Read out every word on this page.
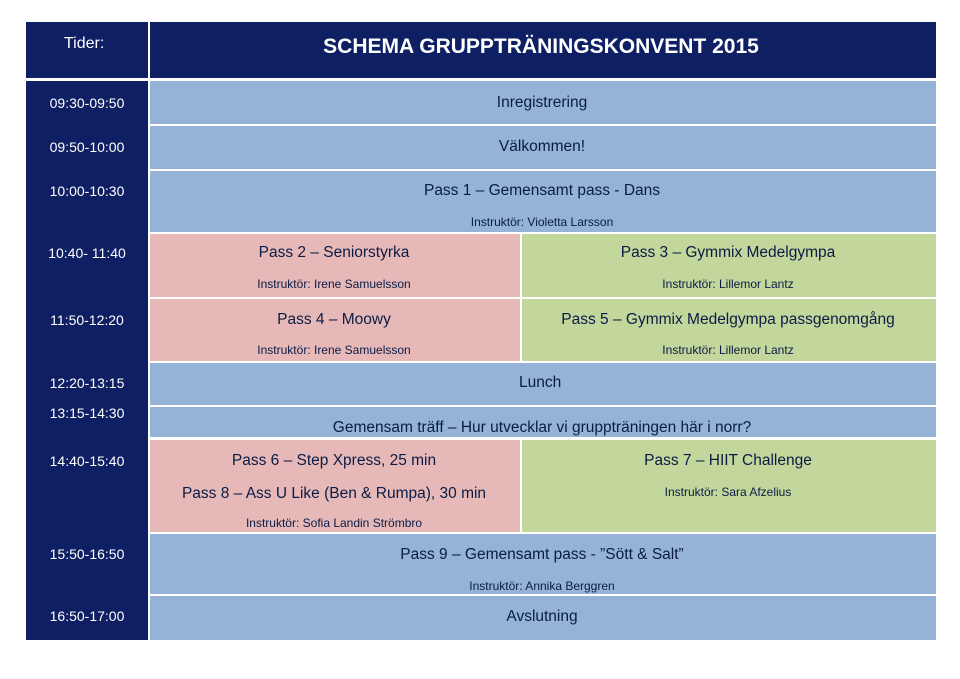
Tider:	SCHEMA GRUPPTRÄNINGSKONVENT 2015
09:30-09:50
09:50-10:00
10:00-10:30
10:40- 11:40
11:50-12:20
12:20-13:15
13:15-14:30
14:40-15:40
15:50-16:50
16:50-17:00
Inregistrering
Välkommen!
Pass 1 – Gemensamt pass - Dans
Instruktör: Violetta Larsson
Pass 2 – Seniorstyrka
Instruktör: Irene Samuelsson
Pass 3 – Gymmix Medelgympa
Instruktör: Lillemor Lantz
Pass 4 – Moowy
Instruktör: Irene Samuelsson
Pass 5 – Gymmix Medelgympa passgenomgång
Instruktör: Lillemor Lantz
Lunch
Gemensam träff – Hur utvecklar vi gruppträningen här i norr?
Pass 6 – Step Xpress, 25 min
Pass 8 – Ass U Like (Ben & Rumpa), 30 min
Instruktör: Sofia Landin Strömbro
Pass 7 – HIIT Challenge
Instruktör: Sara Afzelius
Pass 9 – Gemensamt pass - ”Sött & Salt”
Instruktör: Annika Berggren
Avslutning
